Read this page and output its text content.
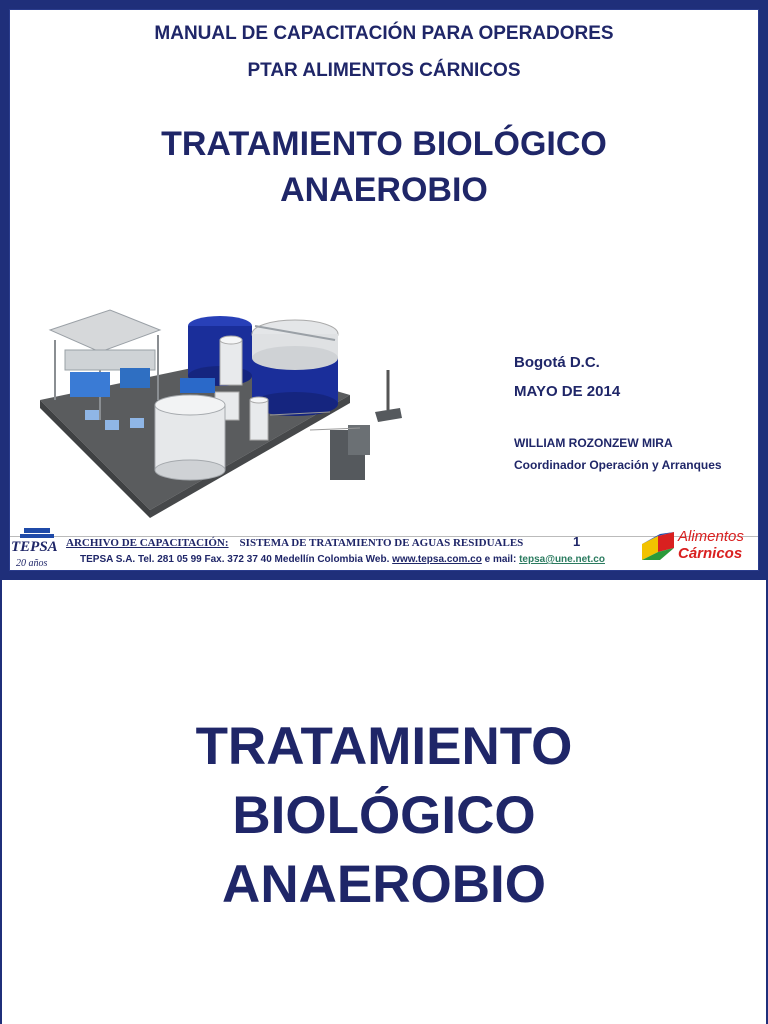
MANUAL DE CAPACITACIÓN PARA OPERADORES
PTAR ALIMENTOS CÁRNICOS
TRATAMIENTO BIOLÓGICO
ANAEROBIO
Bogotá D.C.
MAYO DE 2014
WILLIAM ROZONZEW MIRA
Coordinador Operación y Arranques
TEPSA
20 años
ARCHIVO DE CAPACITACIÓN: SISTEMA DE TRATAMIENTO DE AGUAS RESIDUALES	1
TEPSA S.A. Tel. 281 05 99 Fax. 372 37 40 Medellín Colombia Web. www.tepsa.com.co e mail: tepsa@une.net.co
Alimentos
Cárnicos
TRATAMIENTO
BIOLÓGICO
ANAEROBIO
